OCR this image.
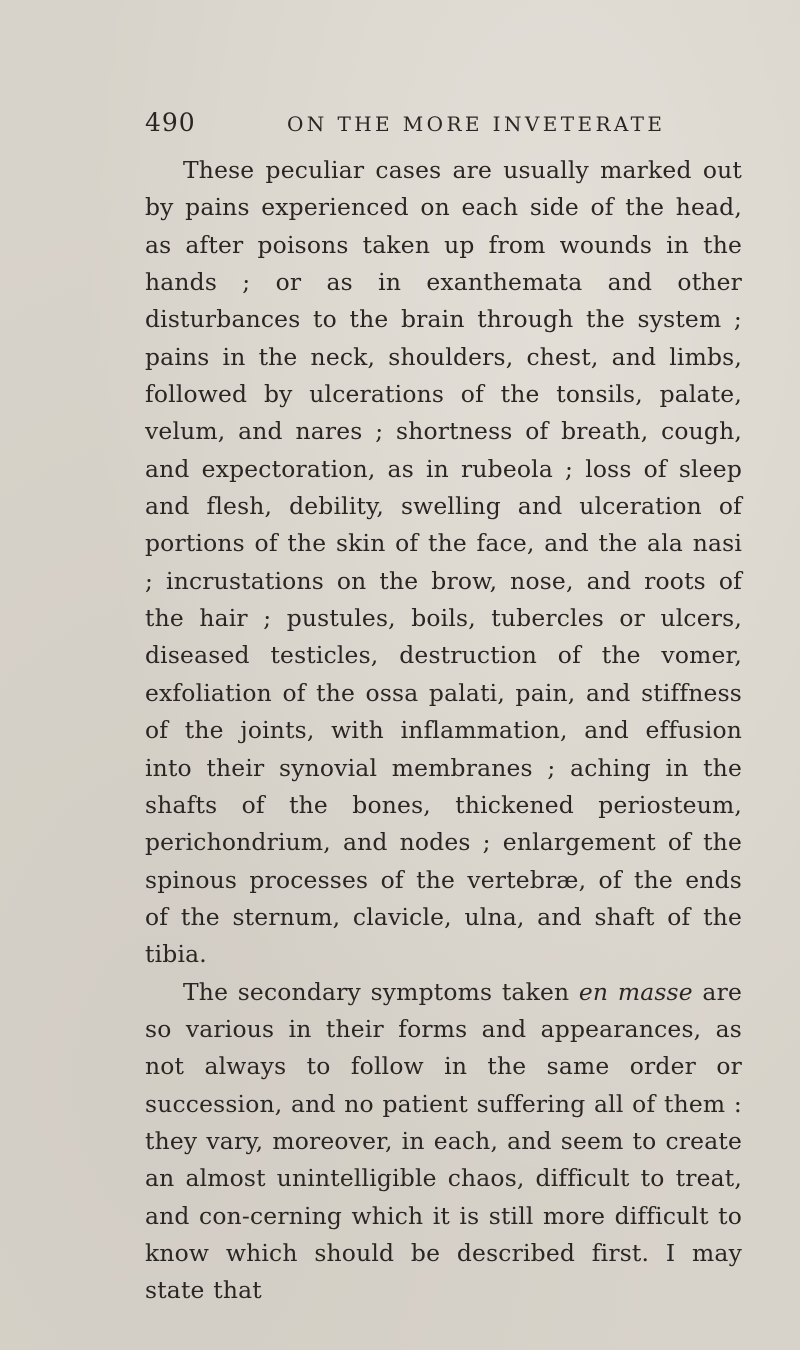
490	ON THE MORE INVETERATE

These peculiar cases are usually marked out by pains experienced on each side of the head, as after poisons taken up from wounds in the hands ; or as in exanthemata and other disturbances to the brain through the system ; pains in the neck, shoulders, chest, and limbs, followed by ulcerations of the tonsils, palate, velum, and nares ; shortness of breath, cough, and expectoration, as in rubeola ; loss of sleep and flesh, debility, swelling and ulceration of portions of the skin of the face, and the ala nasi ; incrustations on the brow, nose, and roots of the hair ; pustules, boils, tubercles or ulcers, diseased testicles, destruction of the vomer, exfoliation of the ossa palati, pain, and stiffness of the joints, with inflammation, and effusion into their synovial membranes ; aching in the shafts of the bones, thickened periosteum, perichondrium, and nodes ; enlargement of the spinous processes of the vertebræ, of the ends of the sternum, clavicle, ulna, and shaft of the tibia.

The secondary symptoms taken en masse are so various in their forms and appearances, as not always to follow in the same order or succession, and no patient suffering all of them : they vary, moreover, in each, and seem to create an almost unintelligible chaos, difficult to treat, and con-cerning which it is still more difficult to know which should be described first. I may state that
